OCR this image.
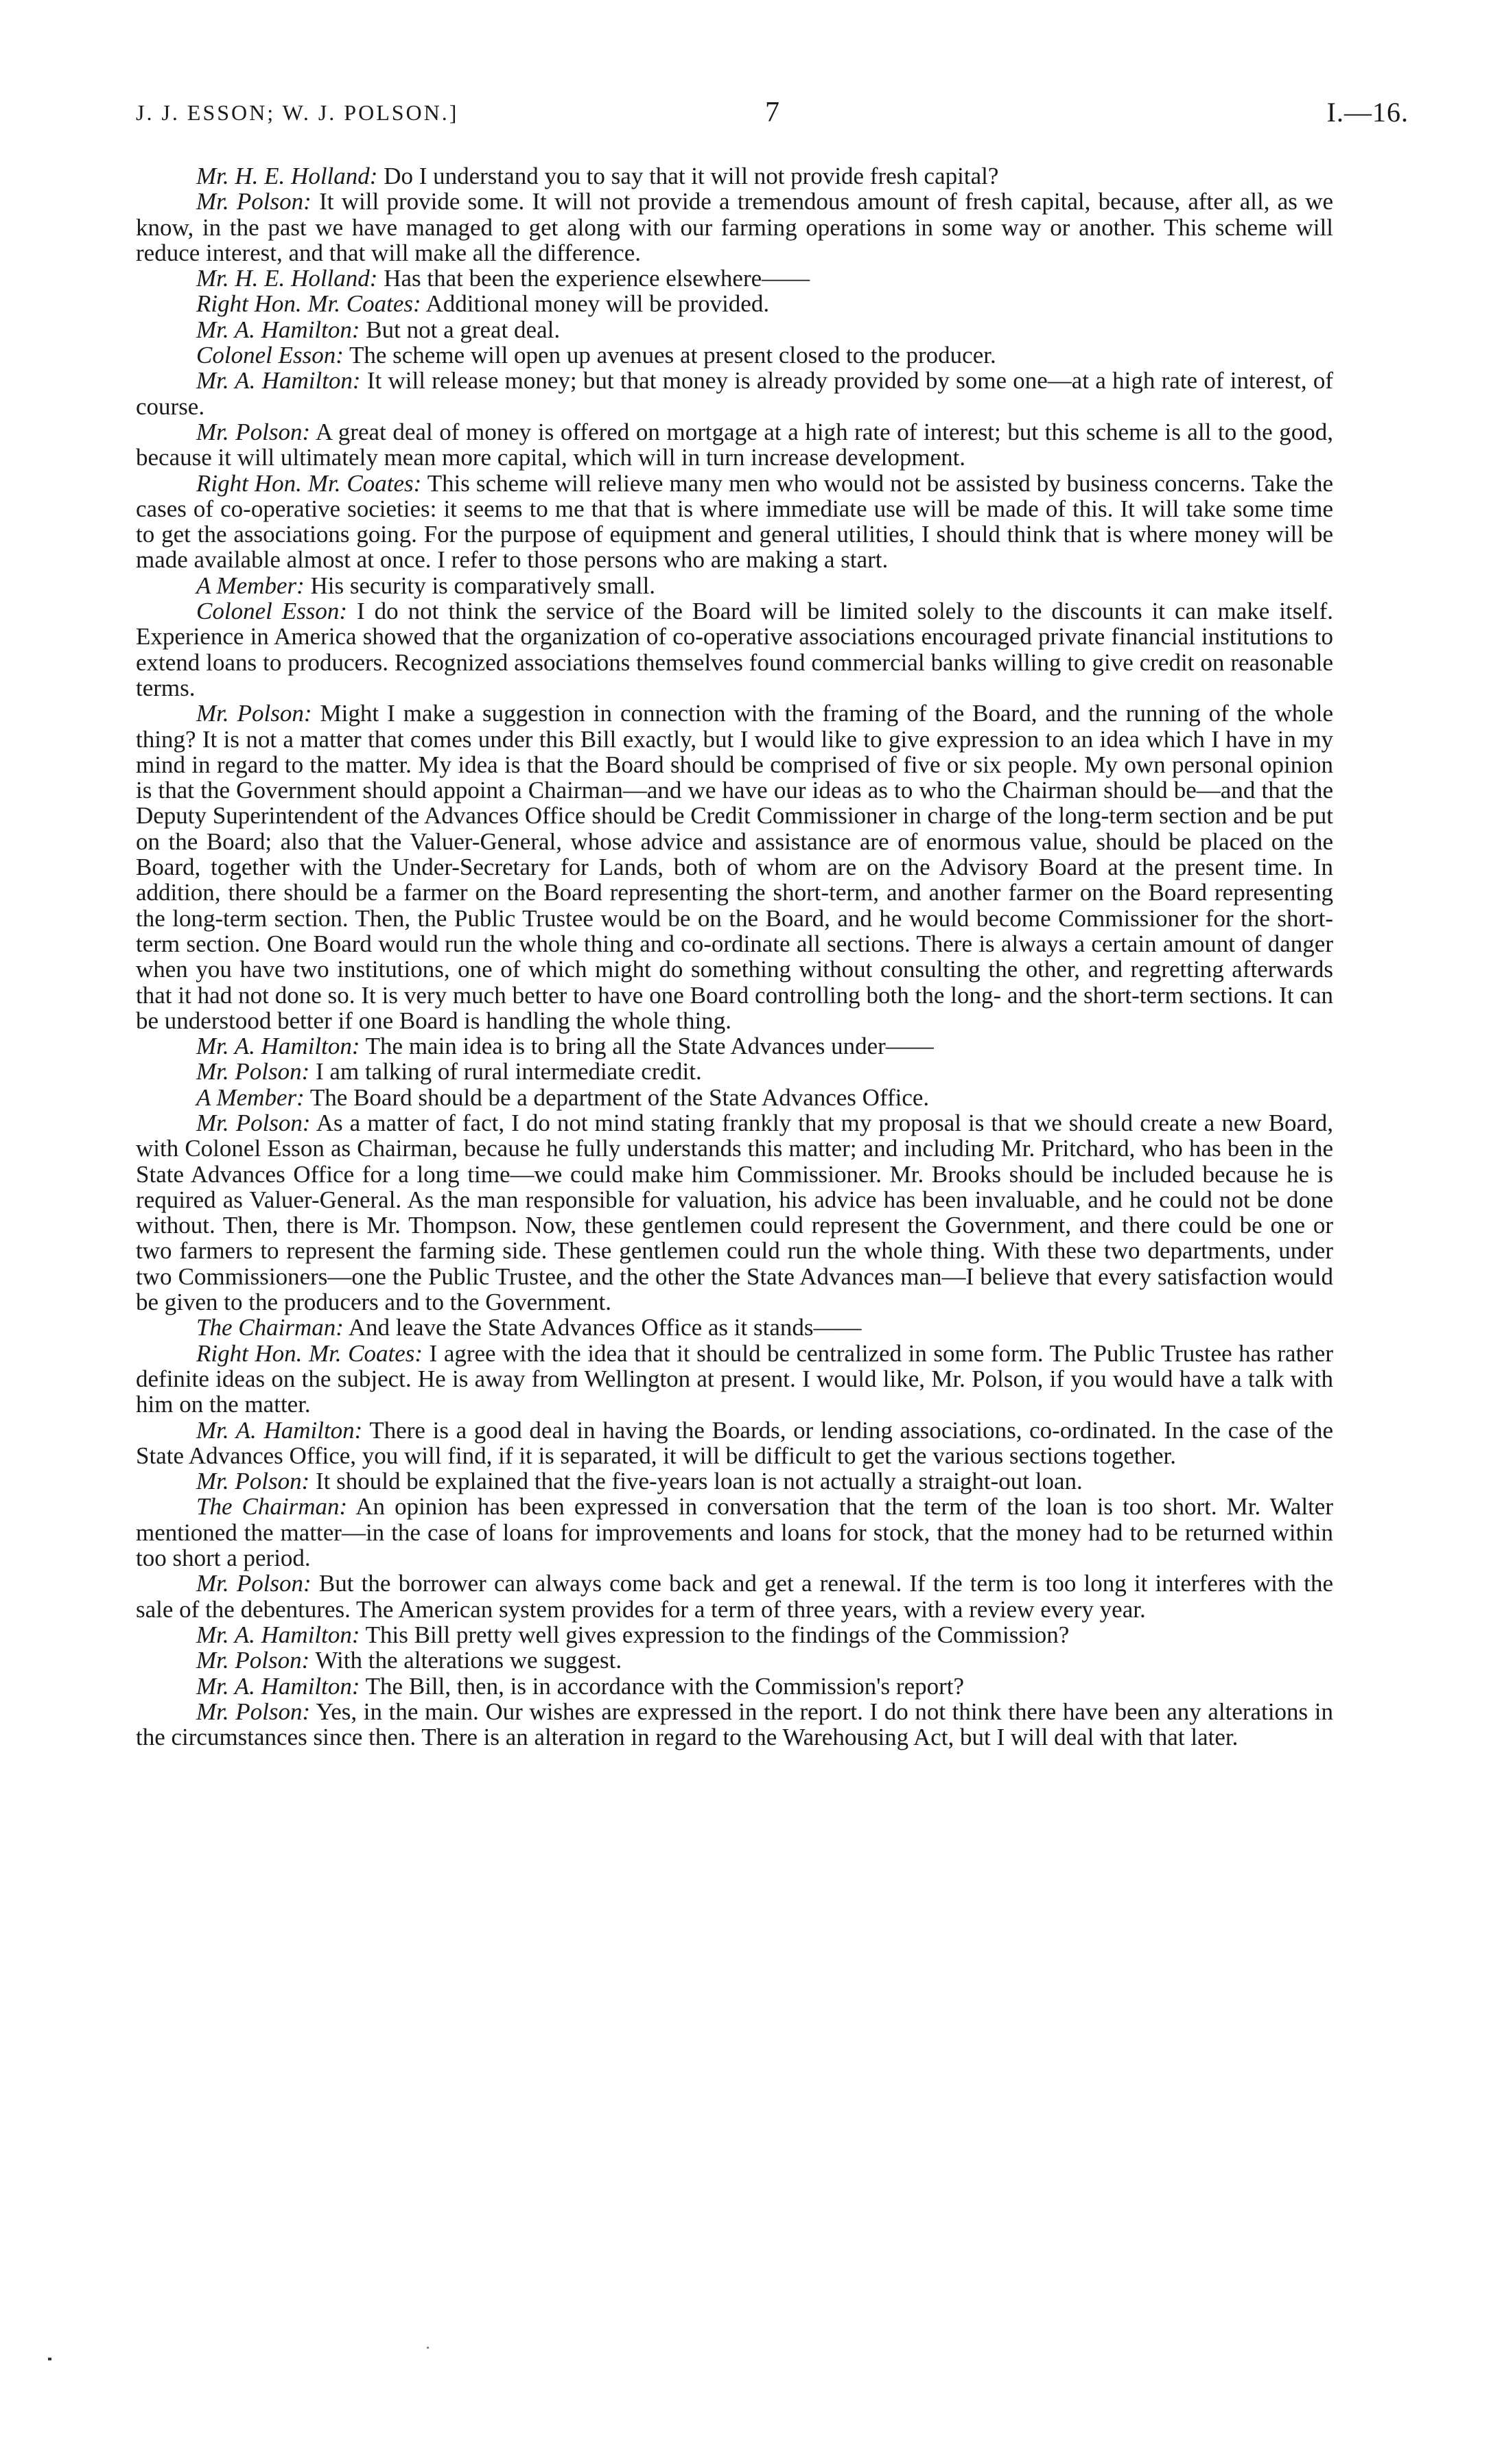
J. J. ESSON; W. J. POLSON.]	7	I.—16.

Mr. H. E. Holland: Do I understand you to say that it will not provide fresh capital?

Mr. Polson: It will provide some. It will not provide a tremendous amount of fresh capital, because, after all, as we know, in the past we have managed to get along with our farming operations in some way or another. This scheme will reduce interest, and that will make all the difference.

Mr. H. E. Holland: Has that been the experience elsewhere——

Right Hon. Mr. Coates: Additional money will be provided.

Mr. A. Hamilton: But not a great deal.

Colonel Esson: The scheme will open up avenues at present closed to the producer.

Mr. A. Hamilton: It will release money; but that money is already provided by some one—at a high rate of interest, of course.

Mr. Polson: A great deal of money is offered on mortgage at a high rate of interest; but this scheme is all to the good, because it will ultimately mean more capital, which will in turn increase development.

Right Hon. Mr. Coates: This scheme will relieve many men who would not be assisted by business concerns. Take the cases of co-operative societies: it seems to me that that is where immediate use will be made of this. It will take some time to get the associations going. For the purpose of equipment and general utilities, I should think that is where money will be made available almost at once. I refer to those persons who are making a start.

A Member: His security is comparatively small.

Colonel Esson: I do not think the service of the Board will be limited solely to the discounts it can make itself. Experience in America showed that the organization of co-operative associations encouraged private financial institutions to extend loans to producers. Recognized associations themselves found commercial banks willing to give credit on reasonable terms.

Mr. Polson: Might I make a suggestion in connection with the framing of the Board, and the running of the whole thing? It is not a matter that comes under this Bill exactly, but I would like to give expression to an idea which I have in my mind in regard to the matter. My idea is that the Board should be comprised of five or six people. My own personal opinion is that the Government should appoint a Chairman—and we have our ideas as to who the Chairman should be—and that the Deputy Superintendent of the Advances Office should be Credit Commissioner in charge of the long-term section and be put on the Board; also that the Valuer-General, whose advice and assistance are of enormous value, should be placed on the Board, together with the Under-Secretary for Lands, both of whom are on the Advisory Board at the present time. In addition, there should be a farmer on the Board representing the short-term, and another farmer on the Board representing the long-term section. Then, the Public Trustee would be on the Board, and he would become Commissioner for the short-term section. One Board would run the whole thing and co-ordinate all sections. There is always a certain amount of danger when you have two institutions, one of which might do something without consulting the other, and regretting afterwards that it had not done so. It is very much better to have one Board controlling both the long- and the short-term sections. It can be understood better if one Board is handling the whole thing.

Mr. A. Hamilton: The main idea is to bring all the State Advances under——

Mr. Polson: I am talking of rural intermediate credit.

A Member: The Board should be a department of the State Advances Office.

Mr. Polson: As a matter of fact, I do not mind stating frankly that my proposal is that we should create a new Board, with Colonel Esson as Chairman, because he fully understands this matter; and including Mr. Pritchard, who has been in the State Advances Office for a long time—we could make him Commissioner. Mr. Brooks should be included because he is required as Valuer-General. As the man responsible for valuation, his advice has been invaluable, and he could not be done without. Then, there is Mr. Thompson. Now, these gentlemen could represent the Government, and there could be one or two farmers to represent the farming side. These gentlemen could run the whole thing. With these two departments, under two Commissioners—one the Public Trustee, and the other the State Advances man—I believe that every satisfaction would be given to the producers and to the Government.

The Chairman: And leave the State Advances Office as it stands——

Right Hon. Mr. Coates: I agree with the idea that it should be centralized in some form. The Public Trustee has rather definite ideas on the subject. He is away from Wellington at present. I would like, Mr. Polson, if you would have a talk with him on the matter.

Mr. A. Hamilton: There is a good deal in having the Boards, or lending associations, co-ordinated. In the case of the State Advances Office, you will find, if it is separated, it will be difficult to get the various sections together.

Mr. Polson: It should be explained that the five-years loan is not actually a straight-out loan.

The Chairman: An opinion has been expressed in conversation that the term of the loan is too short. Mr. Walter mentioned the matter—in the case of loans for improvements and loans for stock, that the money had to be returned within too short a period.

Mr. Polson: But the borrower can always come back and get a renewal. If the term is too long it interferes with the sale of the debentures. The American system provides for a term of three years, with a review every year.

Mr. A. Hamilton: This Bill pretty well gives expression to the findings of the Commission?

Mr. Polson: With the alterations we suggest.

Mr. A. Hamilton: The Bill, then, is in accordance with the Commission's report?

Mr. Polson: Yes, in the main. Our wishes are expressed in the report. I do not think there have been any alterations in the circumstances since then. There is an alteration in regard to the Warehousing Act, but I will deal with that later.
